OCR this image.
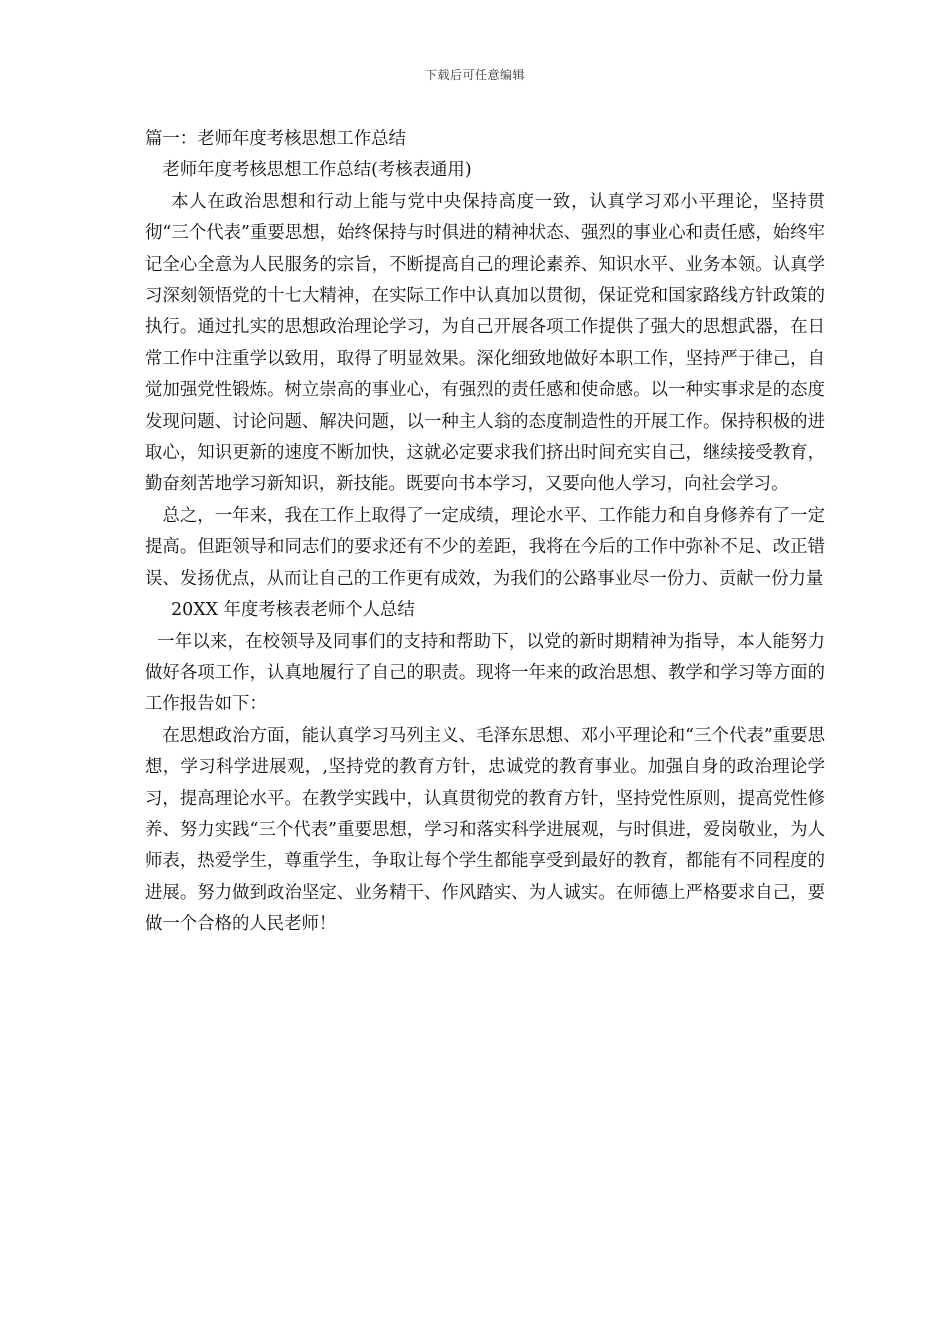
下载后可任意编辑

篇一：老师年度考核思想工作总结

老师年度考核思想工作总结(考核表通用)

本人在政治思想和行动上能与党中央保持高度一致，认真学习邓小平理论，坚持贯彻“三个代表”重要思想，始终保持与时俱进的精神状态、强烈的事业心和责任感，始终牢记全心全意为人民服务的宗旨，不断提高自己的理论素养、知识水平、业务本领。认真学习深刻领悟党的十七大精神，在实际工作中认真加以贯彻，保证党和国家路线方针政策的执行。通过扎实的思想政治理论学习，为自己开展各项工作提供了强大的思想武器，在日常工作中注重学以致用，取得了明显效果。深化细致地做好本职工作，坚持严于律己，自觉加强党性锻炼。树立崇高的事业心，有强烈的责任感和使命感。以一种实事求是的态度发现问题、讨论问题、解决问题，以一种主人翁的态度制造性的开展工作。保持积极的进取心，知识更新的速度不断加快，这就必定要求我们挤出时间充实自己，继续接受教育，勤奋刻苦地学习新知识，新技能。既要向书本学习，又要向他人学习，向社会学习。

总之，一年来，我在工作上取得了一定成绩，理论水平、工作能力和自身修养有了一定提高。但距领导和同志们的要求还有不少的差距，我将在今后的工作中弥补不足、改正错误、发扬优点，从而让自己的工作更有成效，为我们的公路事业尽一份力、贡献一份力量

20XX 年度考核表老师个人总结

一年以来，在校领导及同事们的支持和帮助下，以党的新时期精神为指导，本人能努力做好各项工作，认真地履行了自己的职责。现将一年来的政治思想、教学和学习等方面的工作报告如下：

在思想政治方面，能认真学习马列主义、毛泽东思想、邓小平理论和“三个代表”重要思想，学习科学进展观，,坚持党的教育方针，忠诚党的教育事业。加强自身的政治理论学习，提高理论水平。在教学实践中，认真贯彻党的教育方针，坚持党性原则，提高党性修养、努力实践“三个代表”重要思想，学习和落实科学进展观，与时俱进，爱岗敬业，为人师表，热爱学生，尊重学生，争取让每个学生都能享受到最好的教育，都能有不同程度的进展。努力做到政治坚定、业务精干、作风踏实、为人诚实。在师德上严格要求自己，要做一个合格的人民老师！
